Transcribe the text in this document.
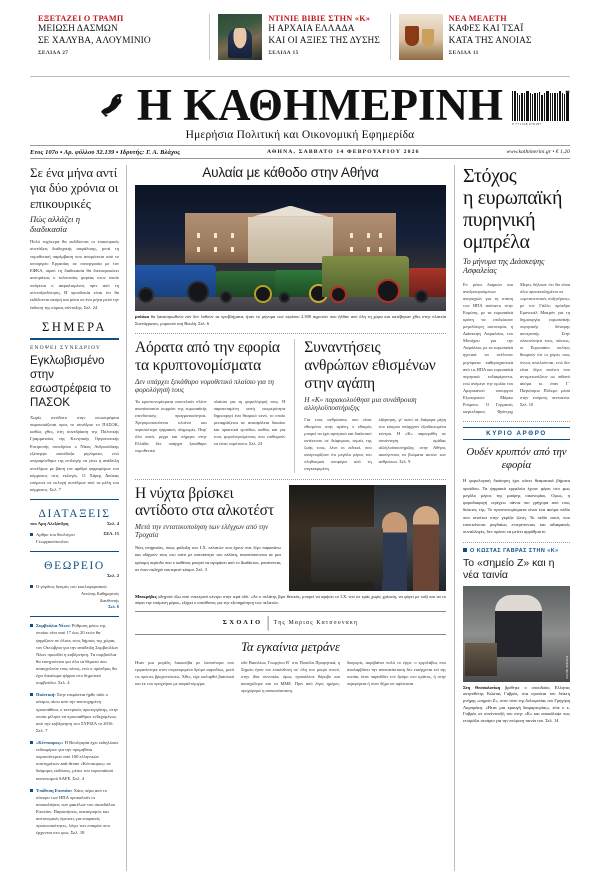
ΕΞΕΤΑΖΕΙ Ο ΤΡΑΜΠ
ΜΕΙΩΣΗ ΔΑΣΜΩΝ
ΣΕ ΧΑΛΥΒΑ, ΑΛΟΥΜΙΝΙΟ
ΣΕΛΙΔΑ 27
ΝΤΙΝΙΕ ΒΙΒΙΕ ΣΤΗΝ «Κ»
Η ΑΡΧΑΙΑ ΕΛΛΑΔΑ
ΚΑΙ ΟΙ ΑΞΙΕΣ ΤΗΣ ΔΥΣΗΣ
ΣΕΛΙΔΑ 15
ΝΕΑ ΜΕΛΕΤΗ
ΚΑΦΕΣ ΚΑΙ ΤΣΑΪ
ΚΑΤΑ ΤΗΣ ΑΝΟΙΑΣ
ΣΕΛΙΔΑ 11
Η ΚΑΘΗΜΕΡΙΝΗ	06
9 771108 976187
Ημερήσια Πολιτική και Οικονομική Εφημερίδα
Ετος 107ο ▪ Αρ. φύλλου 32.139 ▪ Ιδρυτής: Γ. Α. Βλάχος	ΑΘΗΝΑ, ΣΑΒΒΑΤΟ 14 ΦΕΒΡΟΥΑΡΙΟΥ 2026	www.kathimerini.gr • € 1,20
Σε ένα μήνα αντί για δύο χρόνια οι επικουρικές
Πώς αλλάζει η διαδικασία
Πολύ ταχύτερα θα εκδίδονται οι επικουρικές συντάξεις διαδοχικής ασφάλισης, μετά τη νομοθετική παρέμβαση που αναμένεται από το υπουργείο Εργασίας σε συνεργασία με τον ΕΦΚΑ, αφού τη διαδικασία θα διεκπεραιώνει αυτομάτως ο τελευταίος φορέας στον οποίο υπάγεται ο ασφαλισμένος πριν από τη συνταξιοδότηση. Η προσδοκία είναι ότι θα εκδίδονται ακόμη και μέσα σε ένα μήνα μετά την έκδοση της κύριας σύνταξης. Σελ. 24
ΣΗΜΕΡΑ
ΕΝΟΨΕΙ ΣΥΝΕΔΡΙΟΥ
Εγκλωβισμένο στην εσωστρέφεια το ΠΑΣΟΚ
Χωρίς αντίδοτο στην εσωστρέφεια παρουσιάζεται προς το συνέδριο το ΠΑΣΟΚ, καθώς χθες, στη συνεδρίαση της Πολιτικής Γραμματείας της Κεντρικής Οργανωτικής Επιτροπής συνεδρίου ο Νίκος Ανδρουλάκης εξέπεμψε αισιόδοξα μηνύματα, ενώ υπεραμύνθηκε της επιλογής να γίνει η ανάδειξη συνέδρων με βάση τον αριθμό ψηφοφόρων του κόμματος στις εκλογές. Ο Χάρης Δούκας επέμεινε σε εκλογή συνέδρων από τα μέλη του κόμματος. Σελ. 7
ΔΙΑΤΑΞΕΙΣ
του Αρη Αλεξάνδρη	Σελ. 4
ΣΕΛ. 15
Αρθρο του θεολόγου Γεωργακόπουλου
ΘΕΩΡΕΙΟ
Σελ. 2
Ο γόρδιος δεσμός του κυκλοφοριακού
Αντώνης Καθημερινός
Διευθυντής
Σελ. 6
Συμβούλια Νέων: Ρύθμιση μέσω της οποίας νέοι από 17 έως 20 ετών θα ψηφίζουν σε όλους τους δήμους της χώρας τον Οκτώβριο για την ανάδειξη Συμβουλίων Νέων προωθεί η κυβέρνηση. Τα συμβούλια θα εισηγούνται για όλα τα θέματα που απασχολούν τους νέους, ενώ ο πρόεδρος θα έχει δικαίωμα ψήφου στο δημοτικό συμβούλιο. Σελ. 4
Πολιτική: Στην επιφάνεια ήρθε πάλι ο κόσμος πίσω από την αποτυχημένη προσπάθεια, ο κεντρικός πρωτεργάτης, στην οποία μίλησε να προσπαθήσει ενδεχομένως από την κυβέρνηση του ΣΥΡΙΖΑ το 2016. Σελ. 7
«Κένταυρος»: Η Βουλγαρία έχει εκδηλώσει ενδιαφέρον για την προμήθεια περισσότερων από 100 ελληνικών συστημάτων anti-drone «Κένταυρος» σε διάφορες εκδόσεις, μέσω του ευρωπαϊκού κανονισμού SAFE. Σελ. 4
Υπόθεση Επστάιν: Χάος πέρα από το σύνορο των ΗΠΑ προκαλούν οι αποκαλύψεις των φακέλων του σκανδάλου Επστάιν. Παραιτήσεις, καταιγισμός και αστυνομικές έρευνες για επιφανείς προσωπικότητες, λόγω των επαφών που έρχονται στο φως. Σελ. 18
Αυλαία με κάθοδο στην Αθήνα
μπλόκα θα ξανασηκωθούν εάν δεν λυθούν τα προβλήματα, ήταν το μήνυμα των περίπου 2.500 αγροτών που ήλθαν από όλη τη χώρα και κατέβηκαν χθες στην πλατεία Συντάγματος, μπροστά στη Βουλή. Σελ. 6
Αόρατα από την εφορία τα κρυπτονομίσματα
Δεν υπάρχει ξεκάθαρο νομοθετικό πλαίσιο για τη φορολόγησή τους

Τα κρυπτονομίσματα αποτελούν πλέον αναπόσπαστο κομμάτι της ευρωπαϊκής επενδυτικής πραγματικότητας. Χρησιμοποιούνται ολοένα και περισσότερο ψηφιακές πληρωμές. Παρ' όλα αυτά, μέχρι και σήμερα στην Ελλάδα δεν υπάρχει ξεκάθαρο νομοθετικό

πλαίσιο για τη φορολόγησή τους. Η παρατεταμένη αυτή εκκρεμότητα δημιουργεί ένα θεσμικό κενό, το οποίο μεταφράζεται σε ανασφάλεια δικαίου και πρακτικά εμπόδια, καθώς και για τους φορολογούμενους που επιθυμούν να είναι νομότυποι. Σελ. 23

Συναντήσεις ανθρώπων εθισμένων στην αγάπη
Η «Κ» παρακολούθησε μια συνάθροιση αλληλοϋποστήριξης

Για τους ανθρώπους που είναι εθισμένοι στην αγάπη, ο εθισμός μπορεί να έχει αρνητικό και διαλυτικό αντίκτυπο σε διάφορους τομείς της ζωής τους, λένε οι ειδικοί, που αναγνωρίζουν ότι μεγάλο μέρος του πληθυσμού υποφέρει από τη συγκεκριμένη

εξάρτηση, γι' αυτό σε διάφορα μέρη του κόσμου υπάρχουν εξειδικευμένα κέντρα. Η «Κ» παρευρέθη σε συνάντηση ομάδας αλληλοϋποστήριξης στην Αθήνα, ακούγοντας τα βιώματα αυτών των ανθρώπων. Σελ. 9

Η νύχτα βρίσκει αντίδοτο στα αλκοτέστ
Μετά την εντατικοποίηση των ελέγχων από την Τροχαία

Νέες υπηρεσίες, όπως φύλαξη των Ι.Χ. πελατών που έχουν πιει λίγο παραπάνω και οδηγούν τους στο σπίτι με αυτοκίνητο του πελάτη, αναπτύσσονται σε μια κρίσιμη περίοδο που ο καθένας μπορεί να αγοράσει από το Διαδίκτυο, μπαίνοντας σε έναν σκληρό νυκτερινό κόσμο. Σελ. 3

Μπεκρήδες οδηγούν έξω από νυκτερινό κέντρο στην ιερά οδό. «Αν ο πελάτης βγει θετικός, μπορεί να αφήσει το Ι.Χ. του σε εμάς χωρίς χρέωση, να φύγει με ταξί και να το πάρει την επόμενη μέρα», εξηγεί ο υπεύθυνος για την εξυπηρέτηση των πελατών.
ΣΧΟΛΙΟ | Της Μαριας Κατσουνακη
Τα εγκαίνια μετράνε

Ηταν μια μεγάλη λακκούβα με λασπόνερα που εμφανίστηκε στον συγκεκριμένο δρόμο αιφνιδίως, μετά τις πρώτες βροχοπτώσεις. Χθες, είχε καλυφθεί βιαστικά και εκ του προχείρου με ασφαλτόμιγμα.

οδό Βασιλέως Γεωργίου Β΄ στο Ποικίλα Προφητικά, η Σημείο ήταν πιο επικίνδυνη σε' όλη στο μικρό στενό, στην ίδια συνοικία, όμως προκάλεσε θόρυβο και απασχόλησε και τα ΜΜΕ. Πριν από λίγες ημέρες, προχώρησε η αποκατάσταση.

διαγωρίς, ακριβαίνει πολύ το έργο: ο εργολάβος που αναλαμβάνει την αποκατάσταση δεν εισέρχεται επί της ουσίας όταν παραδίδει τον δρόμο στο κράτος, ή στην περιφέρεια ή στον δήμο αν υφίσταται.

Στόχος
η ευρωπαϊκή
πυρηνική
ομπρέλα
Το μήνυμα της Διάσκεψης Ασφαλείας

Εν μέσω διαρκών και αναζωπυρούμενων ανησυχιών για τη στάση των ΗΠΑ απέναντι στην Ευρώπη, με τα ευρωπαϊκά κράτη να επιδιώκουν μεγαλύτερη αυτονομία, η Διάσκεψη Ασφαλείας του Μονάχου για την Ασφάλεια, με τα ευρωπαϊκά ηγετικά να στέλνουν μηνύματα καθησυχαστικά από τις ΗΠΑ και ευρωπαϊκά πυρηνικά ενδιαφέροντα, ενώ ανέμενε την ομιλία του Αμερικανού υπουργού Εξωτερικών Μάρκο Ρούμπιο. Ο Γερμανός καγκελάριος Φρίντριχ Μερτς δήλωσε ότι θα είναι όλοι προσκεκλημένοι σε

«εμπιστευτικές συζητήσεις» με τον Γάλλο πρόεδρο Εμανουέλ Μακρόν για τη δημιουργία ευρωπαϊκής πυρηνικής δύναμης αποτροπής. Στην πλειονότητά τους, πάντως, οι Ευρωπαίοι πολίτες θεωρούν ότι οι χώρες τους όντως απειλούνται, ενώ δεν είναι λίγοι εκείνοι που αντιμετωπίζουν ως πιθανό ακόμα κι έναν Γ΄ Παγκόσμιο Πόλεμο μέσα στην επόμενη πενταετία. Σελ. 10

ΚΥΡΙΟ ΑΡΘΡΟ
Ουδέν κρυπτόν από την εφορία

Η φορολογική διοίκηση έχει κάνει θεαματικά βήματα προόδου. Τα ψηφιακά εργαλεία έχουν φέρει στο φως μεγάλο μέρος της μαύρης οικονομίας. Ομως, η φοροδιαφυγή «τρέχει» πάντα πιο γρήγορα από τους διώκτες της. Το κρυπτονομίσματα είναι ένα ακόμα πεδίο που κινείται στην γκρίζα ζώνη. Το πεδίο αυτό, που επεκτείνεται ραγδαίως επιτρέποντας και αδιαφανείς συναλλαγές, δεν πρέπει να μείνει αρρύθμιστο.

Ο ΚΩΣΤΑΣ ΓΑΒΡΑΣ ΣΤΗΝ «Κ»
Το «σημείο Ζ» και η νέα ταινία
ΙΝΤΙΜΕ ΝΙΟΥΣ
Στη Θεσσαλονίκη βρέθηκε ο σπουδαίος Ελληνας σκηνοθέτης Κώστας Γαβράς, στα εγκαίνια του δείκτη μνήμης «σημείο Ζ», στον τόπο της δολοφονίας του Γρηγόρη Λαμπράκη. «Ηταν μια κραυγή διαμαρτυρίας», είπε ο κ. Γαβράς σε συνέντευξή του στην «Κ» και αποκάλυψε πως ετοιμάζει σενάριο για την επόμενη ταινία του. Σελ. 14
